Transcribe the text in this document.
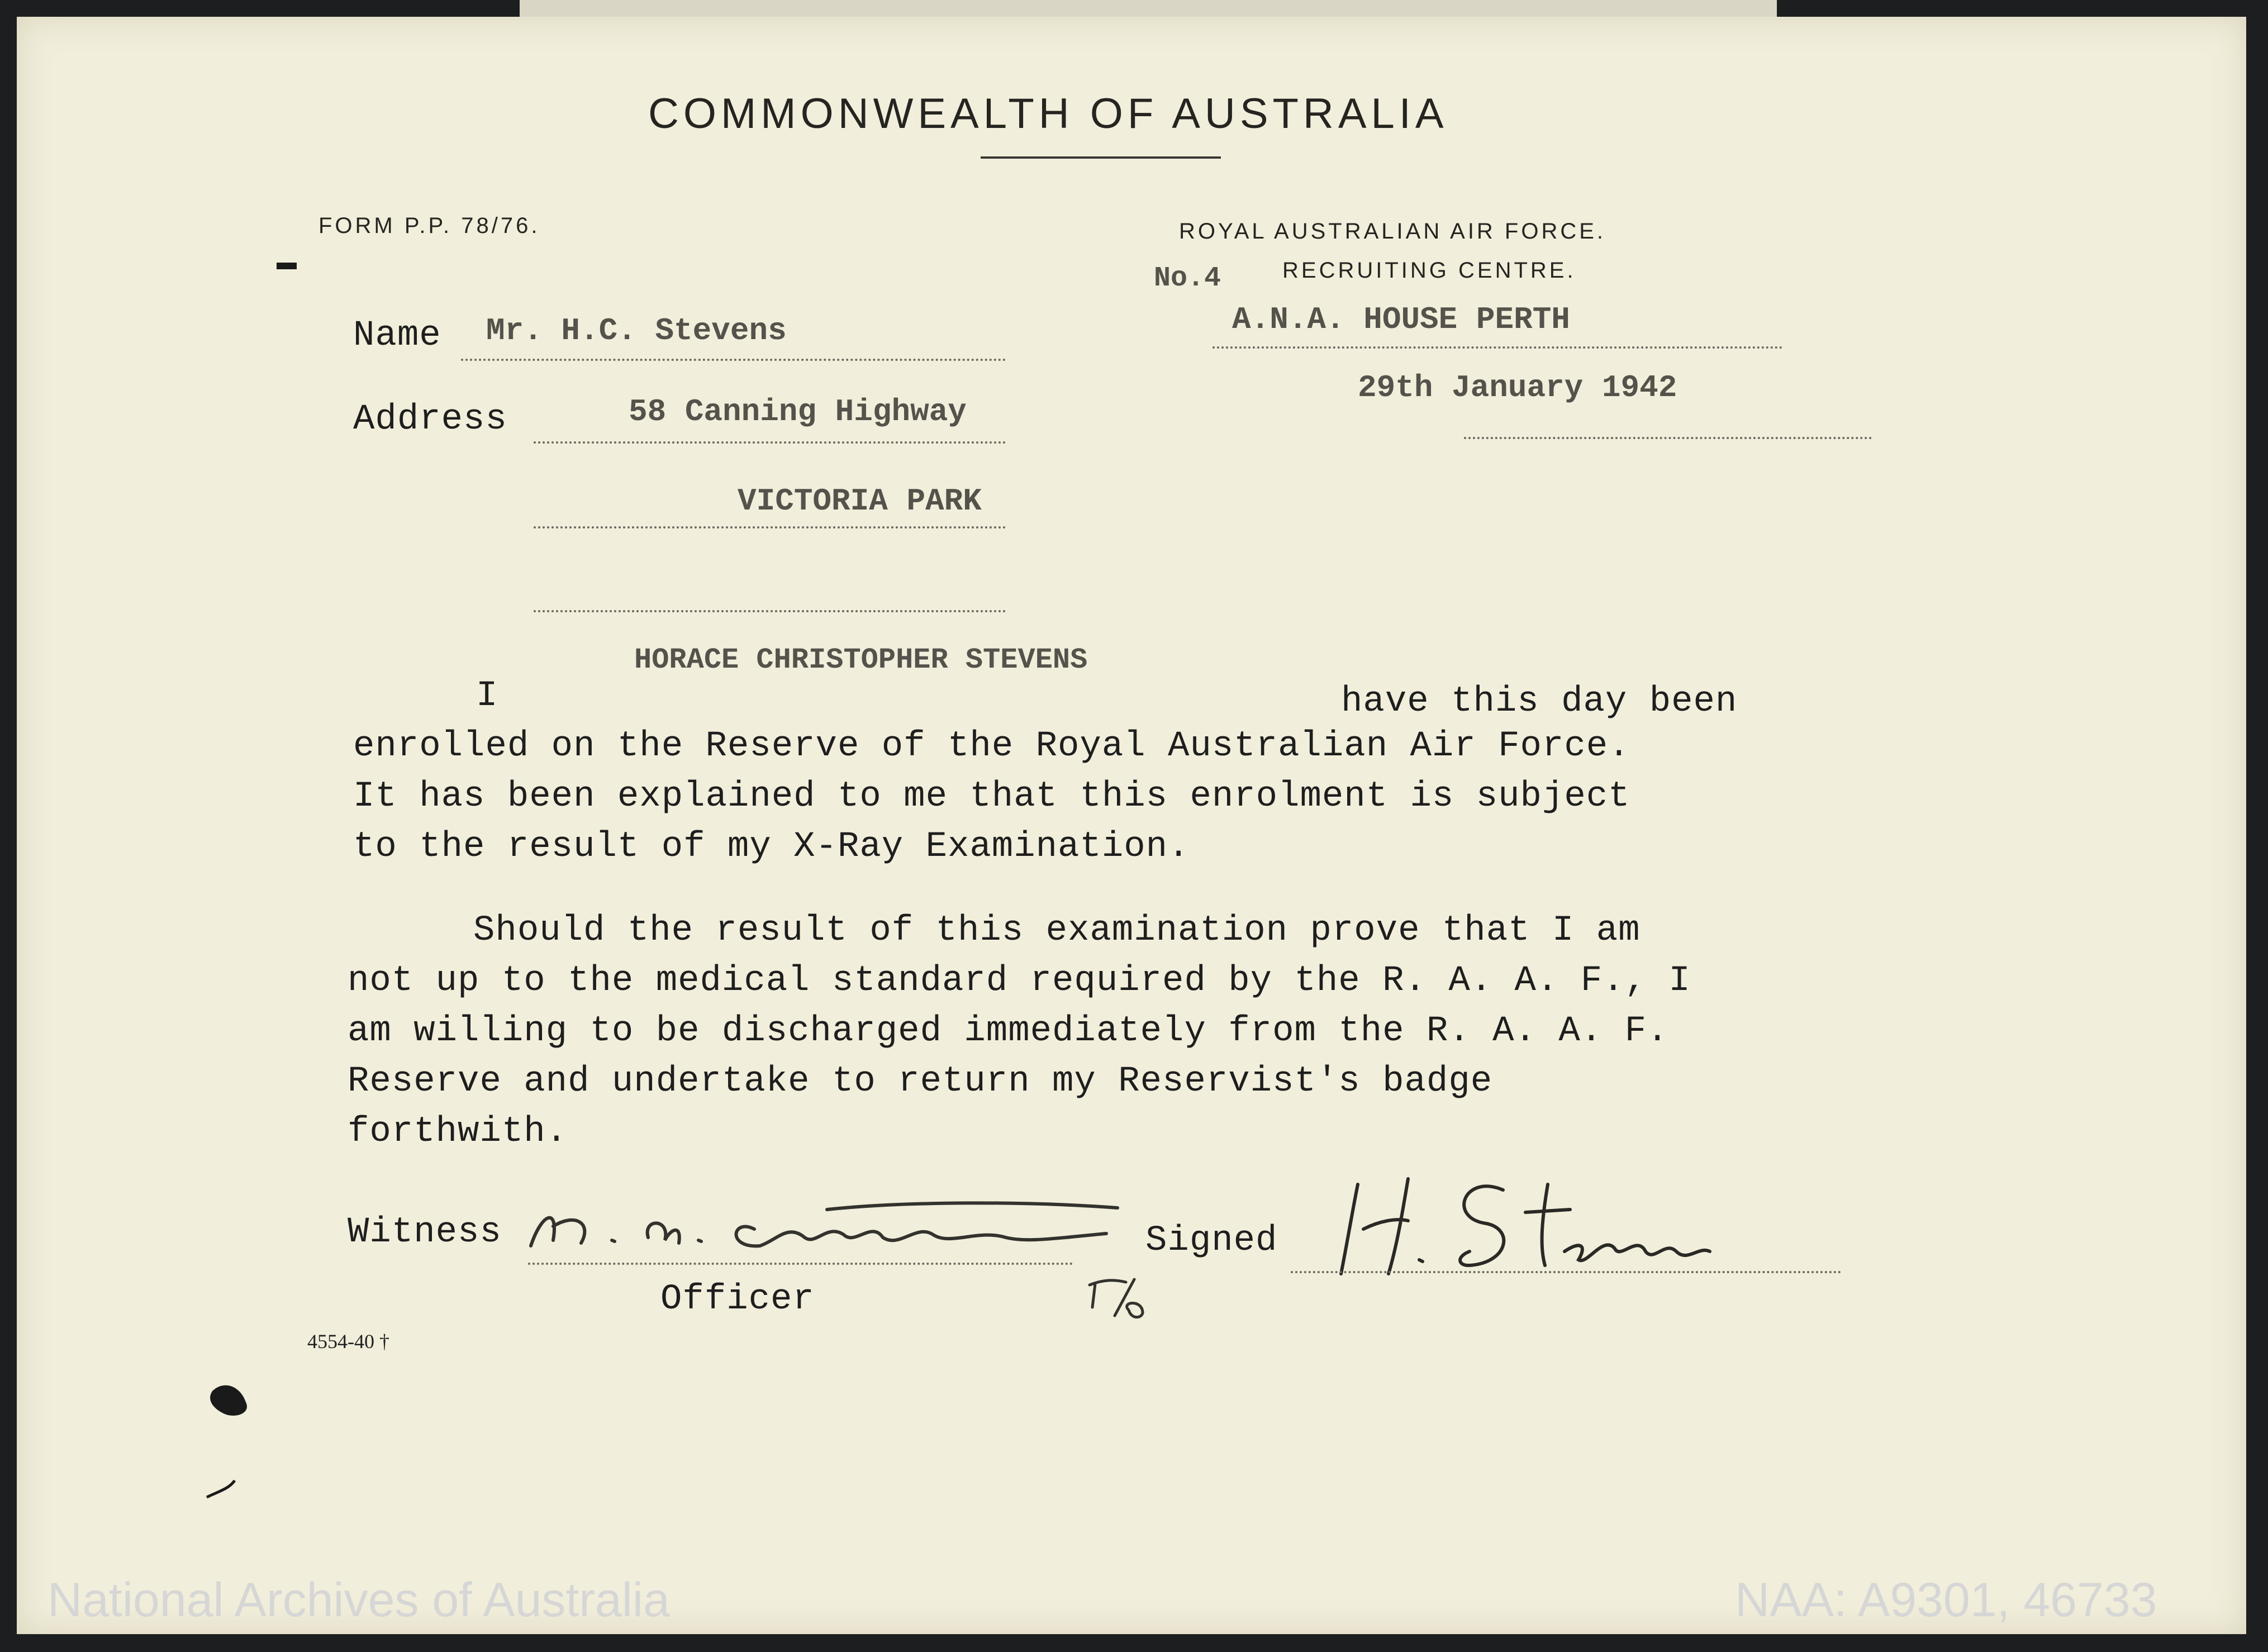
COMMONWEALTH OF AUSTRALIA
FORM P.P. 78/76.	ROYAL AUSTRALIAN AIR FORCE.
No.4	RECRUITING CENTRE.
A.N.A. HOUSE PERTH
29th January 1942
Name Mr. H.C. Stevens
Address	58 Canning Highway
VICTORIA PARK
HORACE CHRISTOPHER STEVENS
I	have this day been
enrolled on the Reserve of the Royal Australian Air Force.
It has been explained to me that this enrolment is subject
to the result of my X-Ray Examination.
Should the result of this examination prove that I am
not up to the medical standard required by the R. A. A. F., I
am willing to be discharged immediately from the R. A. A. F.
Reserve and undertake to return my Reservist's badge
forthwith.
Witness
Officer
Signed
4554-40 †
National Archives of Australia	NAA: A9301, 46733
